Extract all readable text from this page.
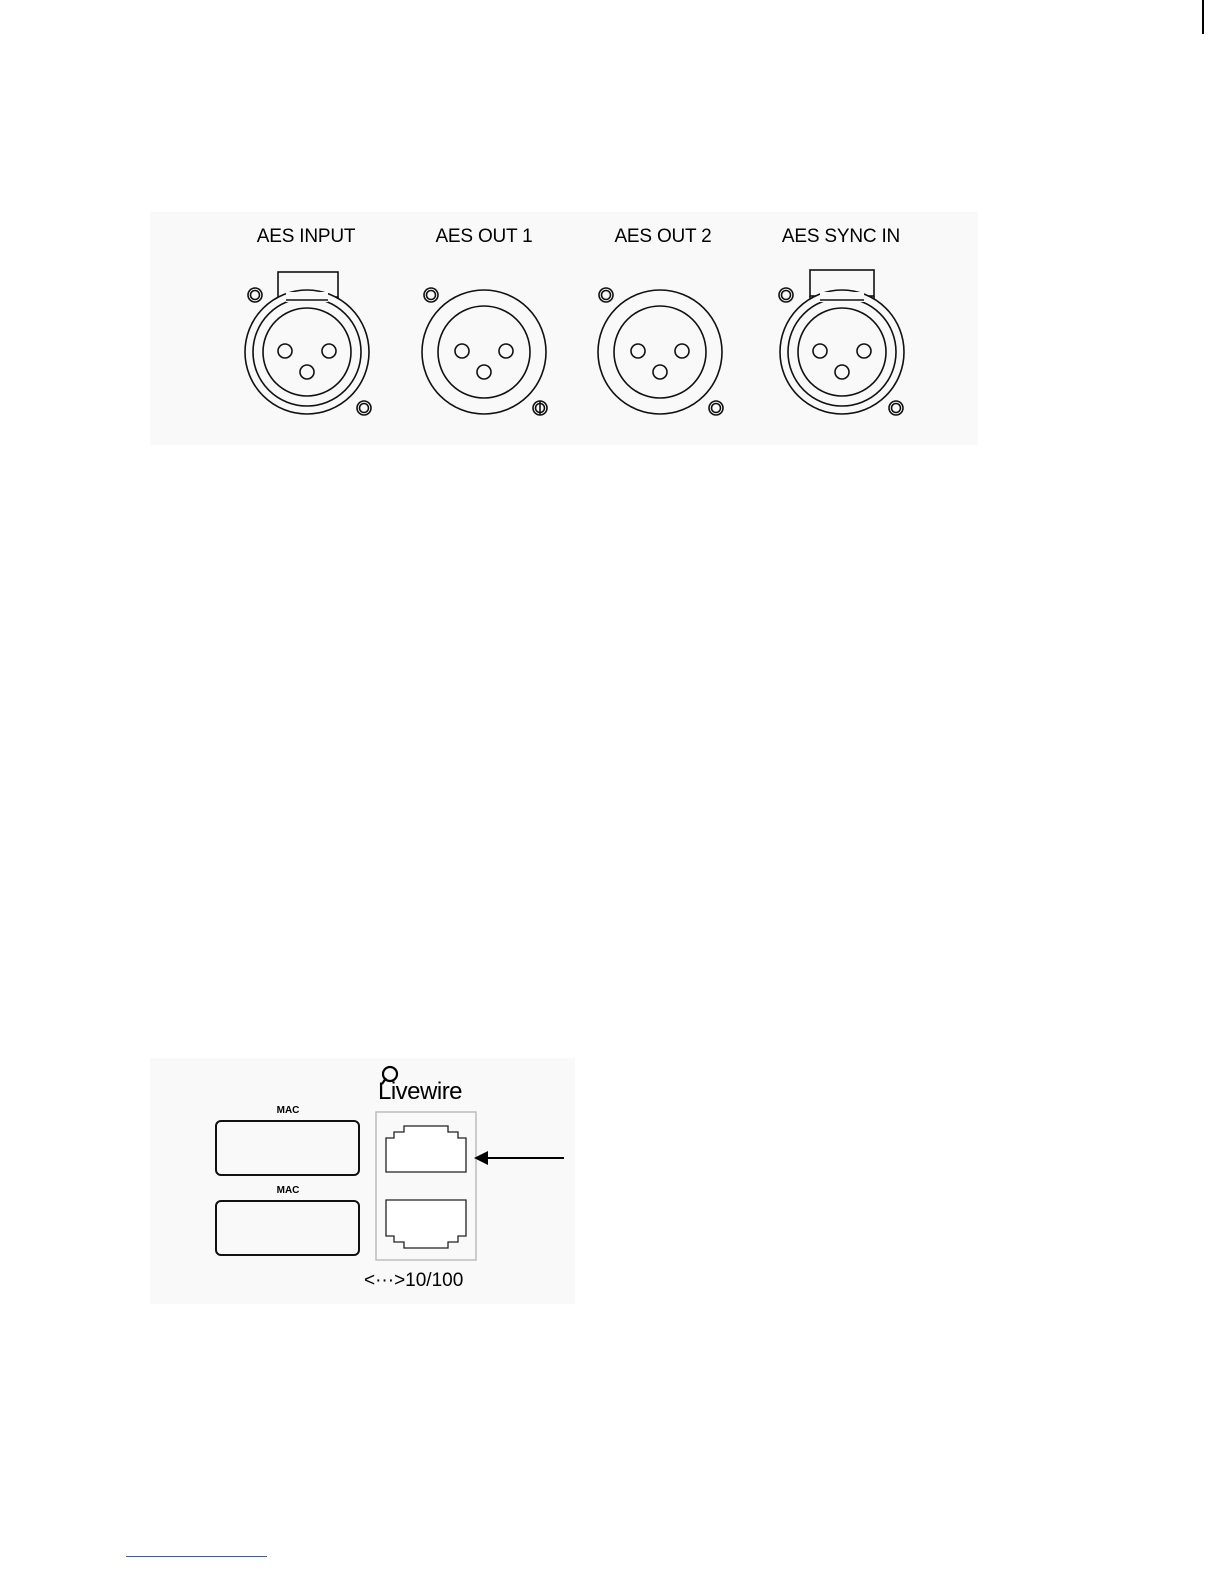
AES INPUT	AES OUT 1	AES OUT 2	AES SYNC IN
Livewire
MAC
MAC
<···>10/100
